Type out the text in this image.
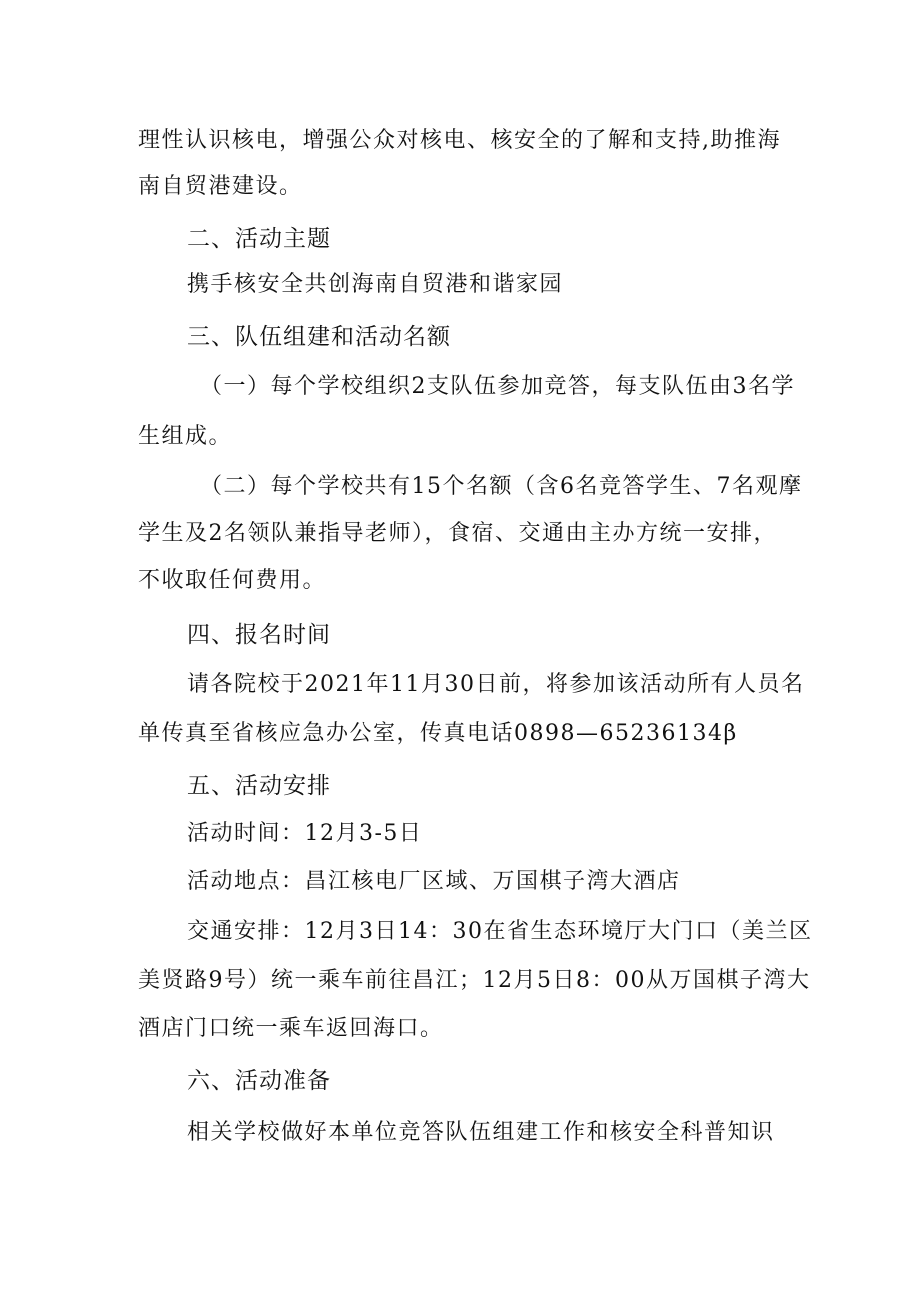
理性认识核电，增强公众对核电、核安全的了解和支持,助推海
南自贸港建设。
二、活动主题
携手核安全共创海南自贸港和谐家园
三、队伍组建和活动名额
（一）每个学校组织2支队伍参加竞答，每支队伍由3名学
生组成。
（二）每个学校共有15个名额（含6名竞答学生、7名观摩
学生及2名领队兼指导老师），食宿、交通由主办方统一安排，
不收取任何费用。
四、报名时间
请各院校于2021年11月30日前，将参加该活动所有人员名
单传真至省核应急办公室，传真电话0898—65236134β
五、活动安排
活动时间：12月3-5日
活动地点：昌江核电厂区域、万国棋子湾大酒店
交通安排：12月3日14：30在省生态环境厅大门口（美兰区
美贤路9号）统一乘车前往昌江；12月5日8：00从万国棋子湾大
酒店门口统一乘车返回海口。
六、活动准备
相关学校做好本单位竞答队伍组建工作和核安全科普知识
